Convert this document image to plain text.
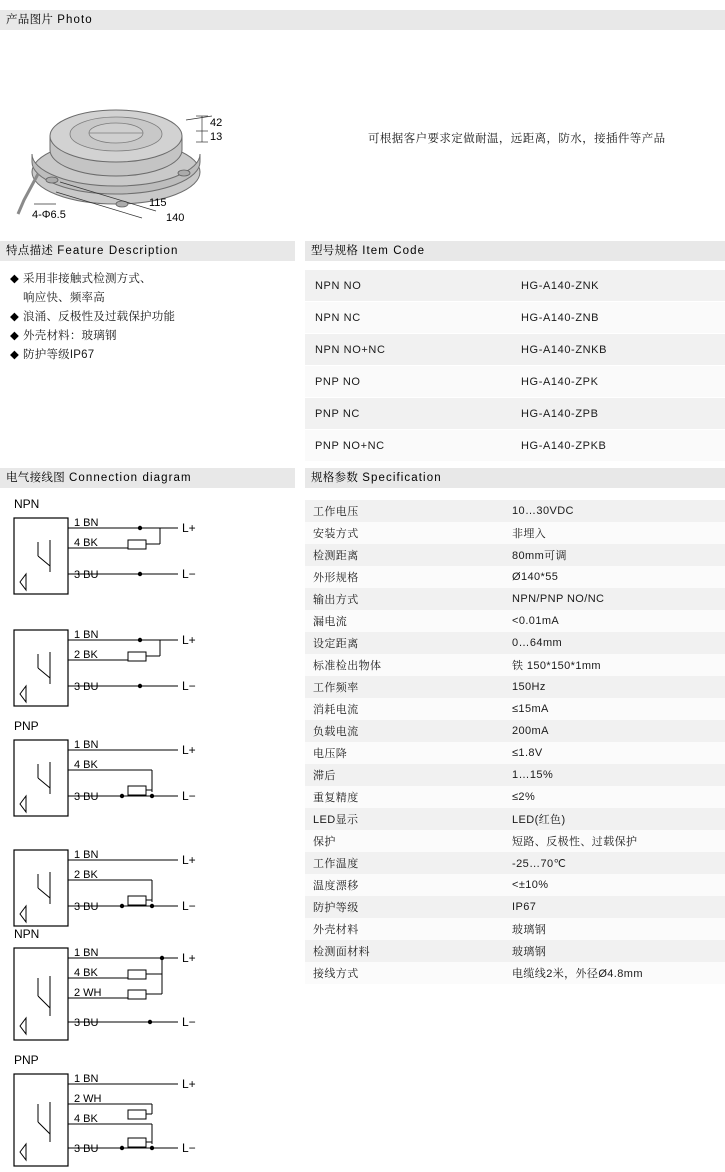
产品图片 Photo
42
13
115
140
4-Φ6.5
可根据客户要求定做耐温，远距离，防水，接插件等产品
特点描述 Feature Description	型号规格 Item Code
◆ 采用非接触式检测方式、
响应快、频率高
◆ 浪涌、反极性及过载保护功能
◆ 外壳材料：玻璃钢
◆ 防护等级IP67
NPN NO	HG-A140-ZNK
NPN NC	HG-A140-ZNB
NPN NO+NC	HG-A140-ZNKB
PNP NO	HG-A140-ZPK
PNP NC	HG-A140-ZPB
PNP NO+NC	HG-A140-ZPKB
电气接线图 Connection diagram	规格参数 Specification
工作电压	10…30VDC
安装方式	非埋入
检测距离	80mm可调
外形规格	Ø140*55
输出方式	NPN/PNP NO/NC
漏电流	<0.01mA
设定距离	0…64mm
标准检出物体	铁 150*150*1mm
工作频率	150Hz
消耗电流	≤15mA
负载电流	200mA
电压降	≤1.8V
滞后	1…15%
重复精度	≤2%
LED显示	LED(红色)
保护	短路、反极性、过载保护
工作温度	-25…70℃
温度漂移	<±10%
防护等级	IP67
外壳材料	玻璃钢
检测面材料	玻璃钢
接线方式	电缆线2米，外径Ø4.8mm
NPN
1 BN
4 BK
3 BU
L+
L−
1 BN
2 BK
3 BU
L+
L−
PNP
1 BN
4 BK
3 BU
L+
L−
1 BN
2 BK
3 BU
L+
L−
NPN
1 BN
4 BK
2 WH
3 BU
L+
L−
PNP
1 BN
2 WH
4 BK
3 BU
L+
L−
